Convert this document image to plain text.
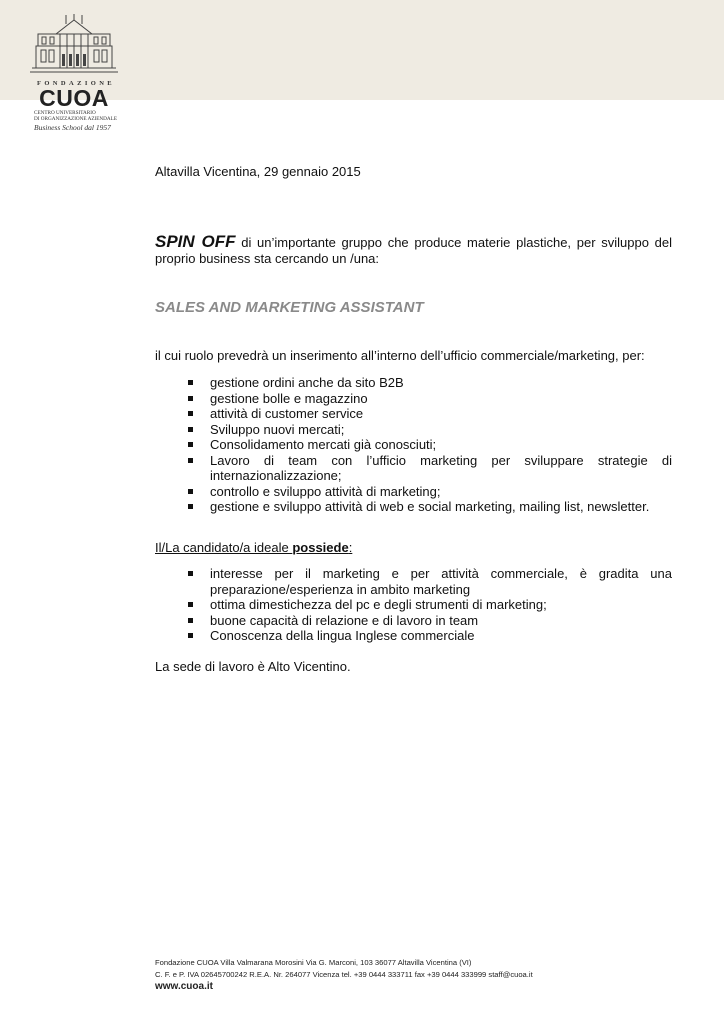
FONDAZIONE
CUOA
CENTRO UNIVERSITARIO
DI ORGANIZZAZIONE AZIENDALE
Business School dal 1957
Altavilla Vicentina, 29 gennaio 2015
SPIN OFF di un’importante gruppo che produce materie plastiche, per sviluppo del proprio business sta cercando un /una:
SALES AND MARKETING ASSISTANT
il cui ruolo prevedrà un inserimento all’interno dell’ufficio commerciale/marketing, per:
gestione ordini anche da sito B2B
gestione bolle e magazzino
attività di customer service
Sviluppo nuovi mercati;
Consolidamento mercati già conosciuti;
Lavoro di team con l’ufficio marketing per sviluppare strategie di internazionalizzazione;
controllo e sviluppo attività di marketing;
gestione e sviluppo attività di web e social marketing, mailing list, newsletter.
Il/La candidato/a ideale possiede:
interesse per il marketing e per attività commerciale, è gradita una preparazione/esperienza in ambito marketing
ottima dimestichezza del pc e degli strumenti di marketing;
buone capacità di relazione e di lavoro in team
Conoscenza della lingua Inglese commerciale
La sede di lavoro è Alto Vicentino.
Fondazione CUOA Villa Valmarana Morosini Via G. Marconi, 103 36077 Altavilla Vicentina (VI)
C. F. e P. IVA 02645700242 R.E.A. Nr. 264077 Vicenza tel. +39 0444 333711 fax +39 0444 333999 staff@cuoa.it
www.cuoa.it
